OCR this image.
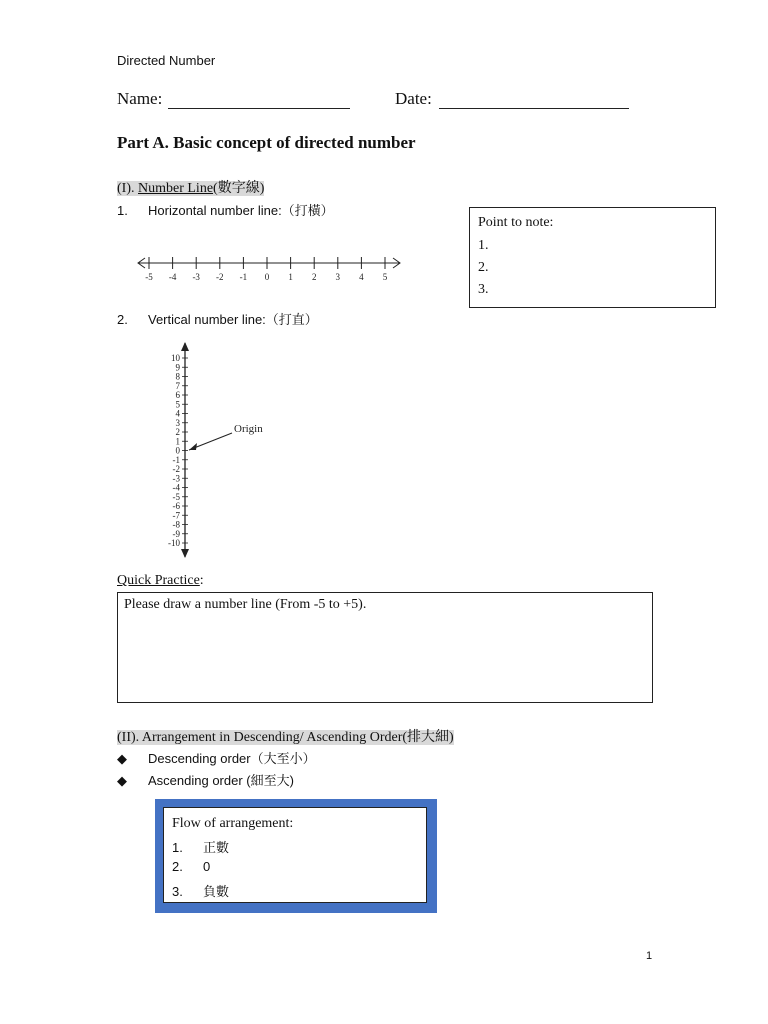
Directed Number
Name:	Date:
Part A. Basic concept of directed number
(I). Number Line(數字線)
1. Horizontal number line:（打橫）
-5 -4 -3 -2 -1 0 1 2 3 4 5
Point to note:
1.
2.
3.
2. Vertical number line:（打直）
10
9
8
7
6
5
4
3
2
1
0
-1
-2
-3
-4
-5
-6
-7
-8
-9
-10
Origin
Quick Practice:
Please draw a number line (From -5 to +5).
(II). Arrangement in Descending/ Ascending Order(排大細)
◆ Descending order（大至小）
◆ Ascending order (細至大)
Flow of arrangement:
1. 正數
2. 0
3. 負數
1
